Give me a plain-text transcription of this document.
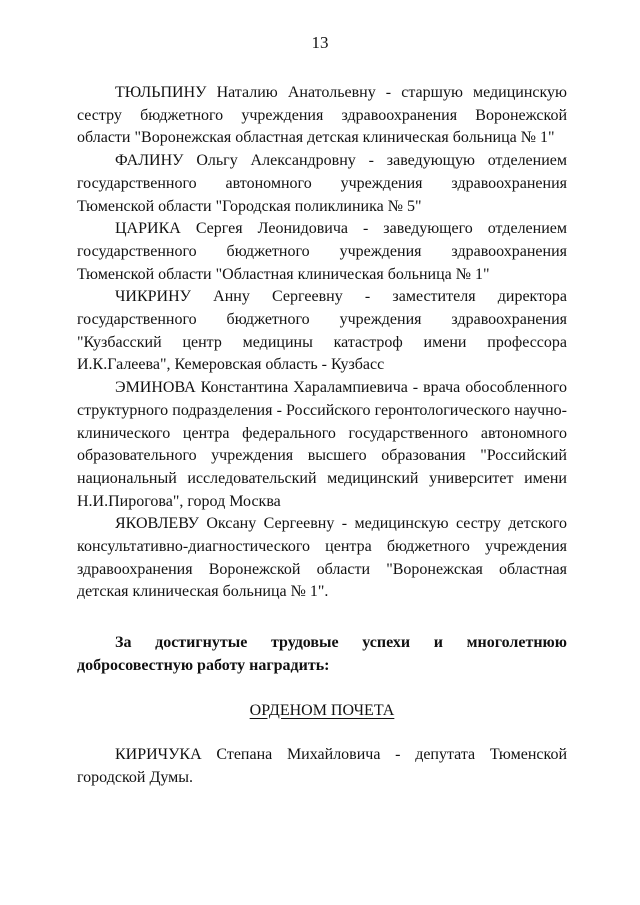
13

ТЮЛЬПИНУ Наталию Анатольевну - старшую медицинскую сестру бюджетного учреждения здравоохранения Воронежской области "Воронежская областная детская клиническая больница № 1"

ФАЛИНУ Ольгу Александровну - заведующую отделением государственного автономного учреждения здравоохранения Тюменской области "Городская поликлиника № 5"

ЦАРИКА Сергея Леонидовича - заведующего отделением государственного бюджетного учреждения здравоохранения Тюменской области "Областная клиническая больница № 1"

ЧИКРИНУ Анну Сергеевну - заместителя директора государственного бюджетного учреждения здравоохранения "Кузбасский центр медицины катастроф имени профессора И.К.Галеева", Кемеровская область - Кузбасс

ЭМИНОВА Константина Харалампиевича - врача обособленного структурного подразделения - Российского геронтологического научно-клинического центра федерального государственного автономного образовательного учреждения высшего образования "Российский национальный исследовательский медицинский университет имени Н.И.Пирогова", город Москва

ЯКОВЛЕВУ Оксану Сергеевну - медицинскую сестру детского консультативно-диагностического центра бюджетного учреждения здравоохранения Воронежской области "Воронежская областная детская клиническая больница № 1".

За достигнутые трудовые успехи и многолетнюю добросовестную работу наградить:

ОРДЕНОМ ПОЧЕТА

КИРИЧУКА Степана Михайловича - депутата Тюменской городской Думы.
